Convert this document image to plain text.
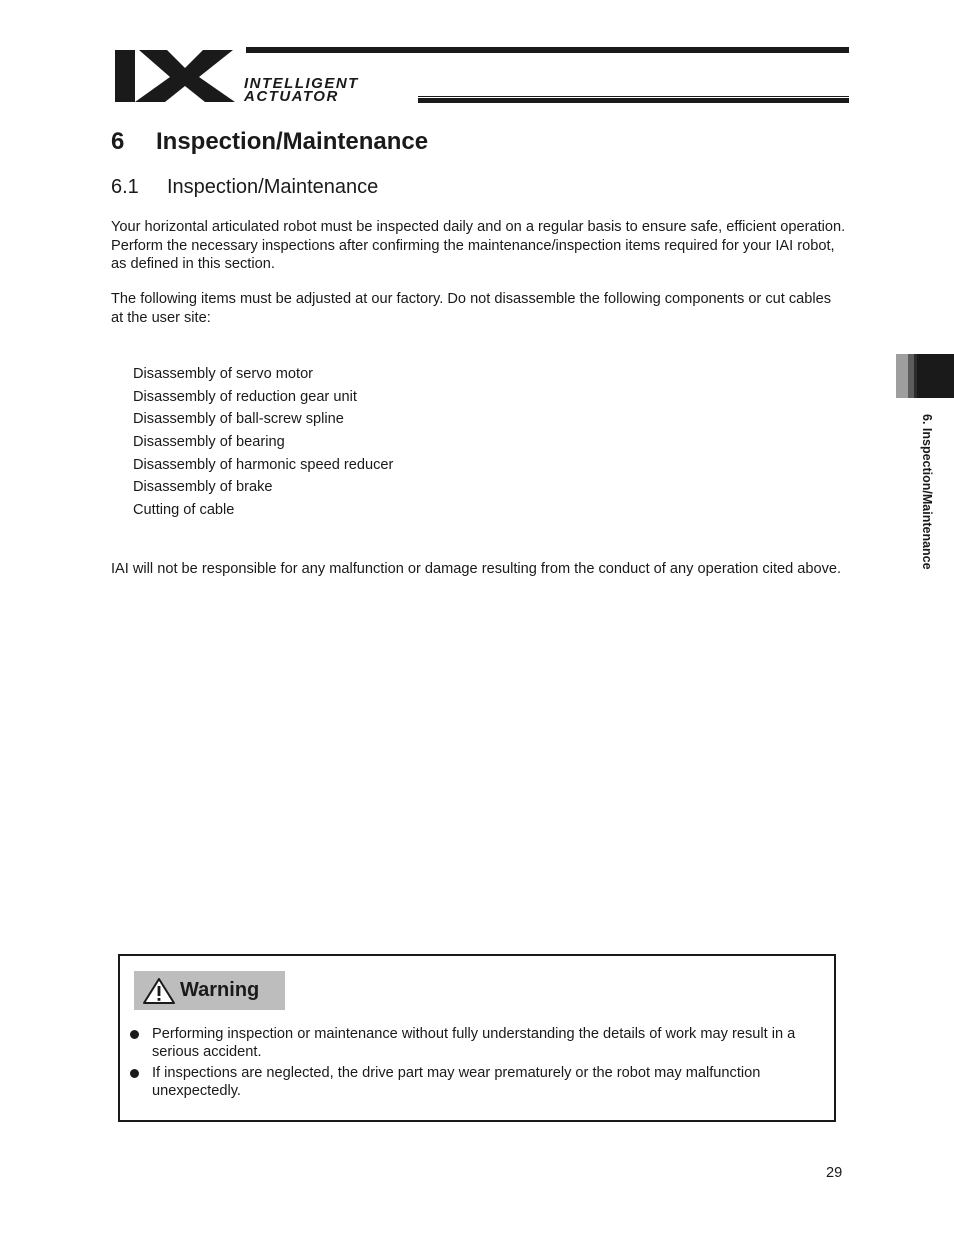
INTELLIGENT
ACTUATOR
6 Inspection/Maintenance
6.1 Inspection/Maintenance

Your horizontal articulated robot must be inspected daily and on a regular basis to ensure safe, efficient operation. Perform the necessary inspections after confirming the maintenance/inspection items required for your IAI robot, as defined in this section.

The following items must be adjusted at our factory. Do not disassemble the following components or cut cables at the user site:

Disassembly of servo motor
Disassembly of reduction gear unit
Disassembly of ball-screw spline
Disassembly of bearing
Disassembly of harmonic speed reducer
Disassembly of brake
Cutting of cable

IAI will not be responsible for any malfunction or damage resulting from the conduct of any operation cited above.	6. Inspection/Maintenance
Warning
Performing inspection or maintenance without fully understanding the details of work may result in a serious accident.
If inspections are neglected, the drive part may wear prematurely or the robot may malfunction unexpectedly.
29
